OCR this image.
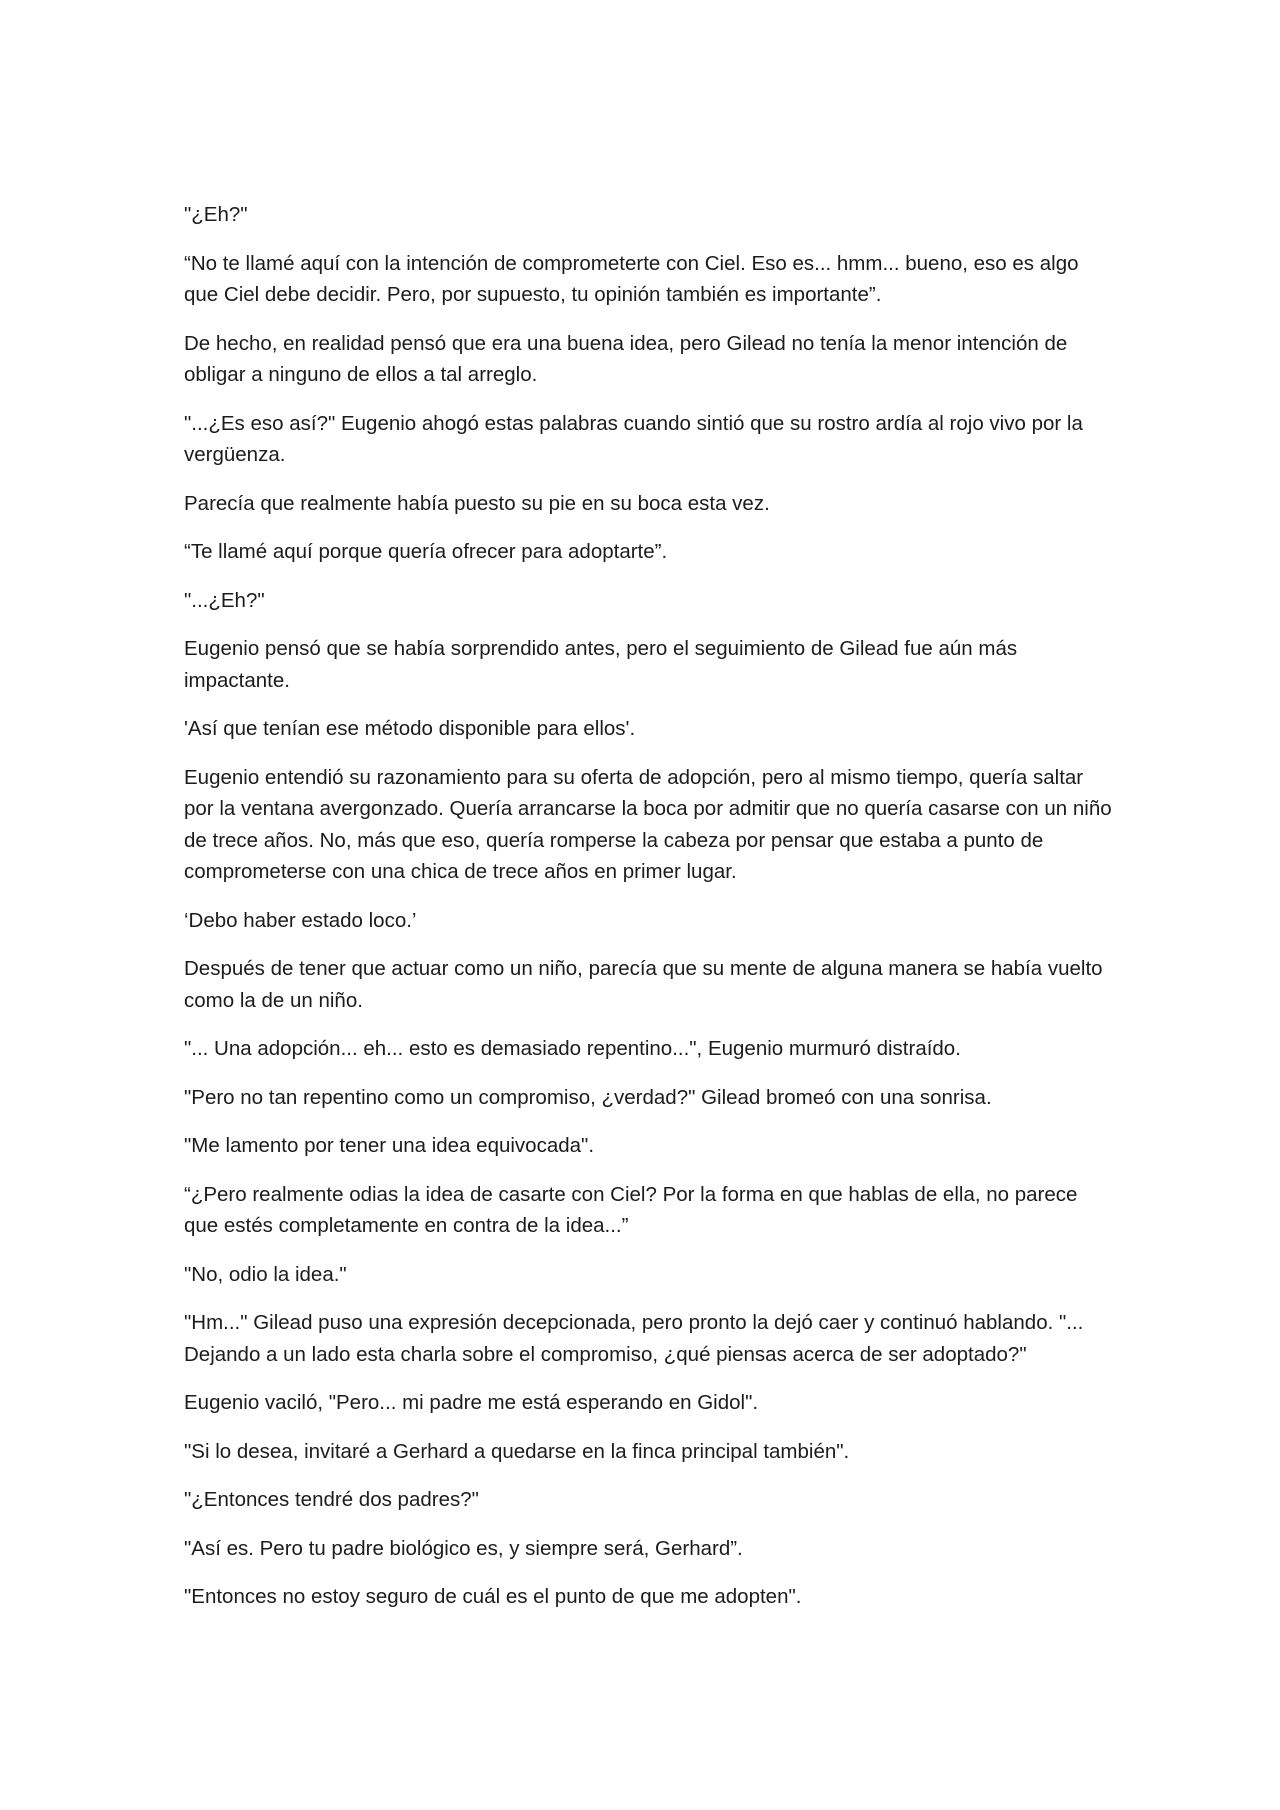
"¿Eh?"

“No te llamé aquí con la intención de comprometerte con Ciel. Eso es... hmm... bueno, eso es algo que Ciel debe decidir. Pero, por supuesto, tu opinión también es importante”.

De hecho, en realidad pensó que era una buena idea, pero Gilead no tenía la menor intención de obligar a ninguno de ellos a tal arreglo.

"...¿Es eso así?" Eugenio ahogó estas palabras cuando sintió que su rostro ardía al rojo vivo por la vergüenza.

Parecía que realmente había puesto su pie en su boca esta vez.

“Te llamé aquí porque quería ofrecer para adoptarte”.

"...¿Eh?"

Eugenio pensó que se había sorprendido antes, pero el seguimiento de Gilead fue aún más impactante.

'Así que tenían ese método disponible para ellos'.

Eugenio entendió su razonamiento para su oferta de adopción, pero al mismo tiempo, quería saltar por la ventana avergonzado. Quería arrancarse la boca por admitir que no quería casarse con un niño de trece años. No, más que eso, quería romperse la cabeza por pensar que estaba a punto de comprometerse con una chica de trece años en primer lugar.

‘Debo haber estado loco.’

Después de tener que actuar como un niño, parecía que su mente de alguna manera se había vuelto como la de un niño.

"... Una adopción... eh... esto es demasiado repentino...", Eugenio murmuró distraído.

"Pero no tan repentino como un compromiso, ¿verdad?" Gilead bromeó con una sonrisa.

"Me lamento por tener una idea equivocada".

“¿Pero realmente odias la idea de casarte con Ciel? Por la forma en que hablas de ella, no parece que estés completamente en contra de la idea...”

"No, odio la idea."

"Hm..." Gilead puso una expresión decepcionada, pero pronto la dejó caer y continuó hablando. "... Dejando a un lado esta charla sobre el compromiso, ¿qué piensas acerca de ser adoptado?"

Eugenio vaciló, "Pero... mi padre me está esperando en Gidol".

"Si lo desea, invitaré a Gerhard a quedarse en la finca principal también".

"¿Entonces tendré dos padres?"

"Así es. Pero tu padre biológico es, y siempre será, Gerhard”.

"Entonces no estoy seguro de cuál es el punto de que me adopten".
